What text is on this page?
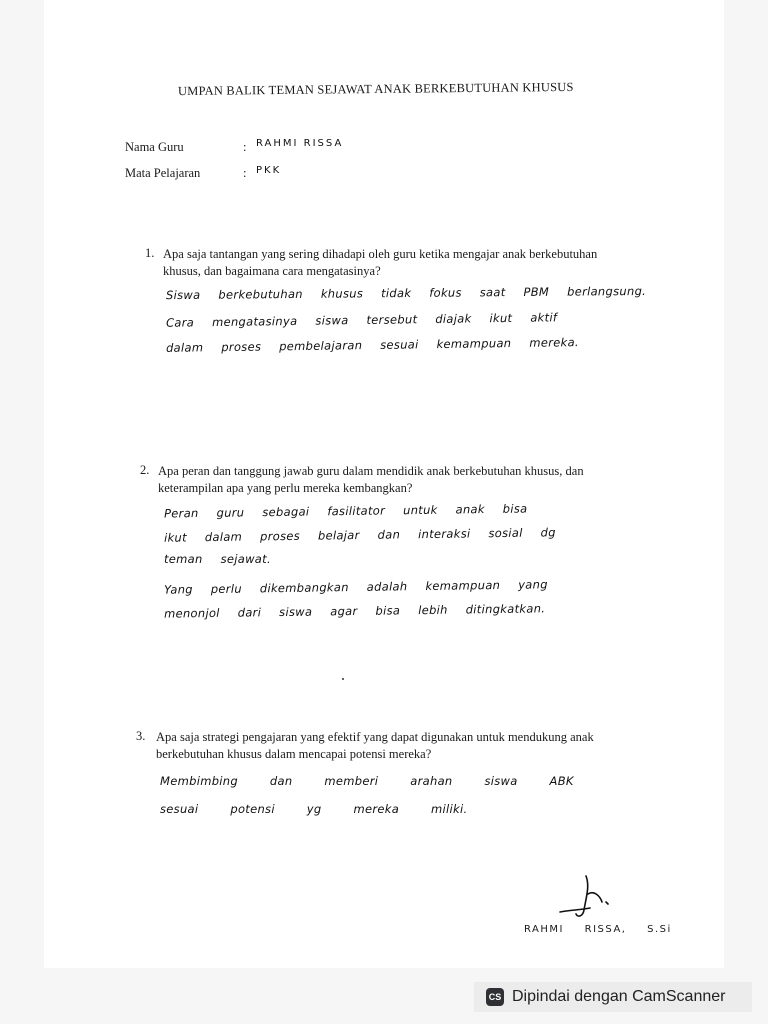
UMPAN BALIK TEMAN SEJAWAT ANAK BERKEBUTUHAN KHUSUS
Nama Guru	: RAHMI RISSA
Mata Pelajaran	: PKK
1. Apa saja tantangan yang sering dihadapi oleh guru ketika mengajar anak berkebutuhan khusus, dan bagaimana cara mengatasinya?
Siswa berkebutuhan khusus tidak fokus saat PBM berlangsung.
Cara mengatasinya siswa tersebut diajak ikut aktif
dalam proses pembelajaran sesuai kemampuan mereka.
2. Apa peran dan tanggung jawab guru dalam mendidik anak berkebutuhan khusus, dan keterampilan apa yang perlu mereka kembangkan?
Peran guru sebagai fasilitator untuk anak bisa
ikut dalam proses belajar dan interaksi sosial dg
teman sejawat.
Yang perlu dikembangkan adalah kemampuan yang
menonjol dari siswa agar bisa lebih ditingkatkan.
3. Apa saja strategi pengajaran yang efektif yang dapat digunakan untuk mendukung anak berkebutuhan khusus dalam mencapai potensi mereka?
Membimbing dan memberi arahan siswa ABK
sesuai potensi yg mereka miliki.
RAHMI RISSA, S.Si
CS Dipindai dengan CamScanner
